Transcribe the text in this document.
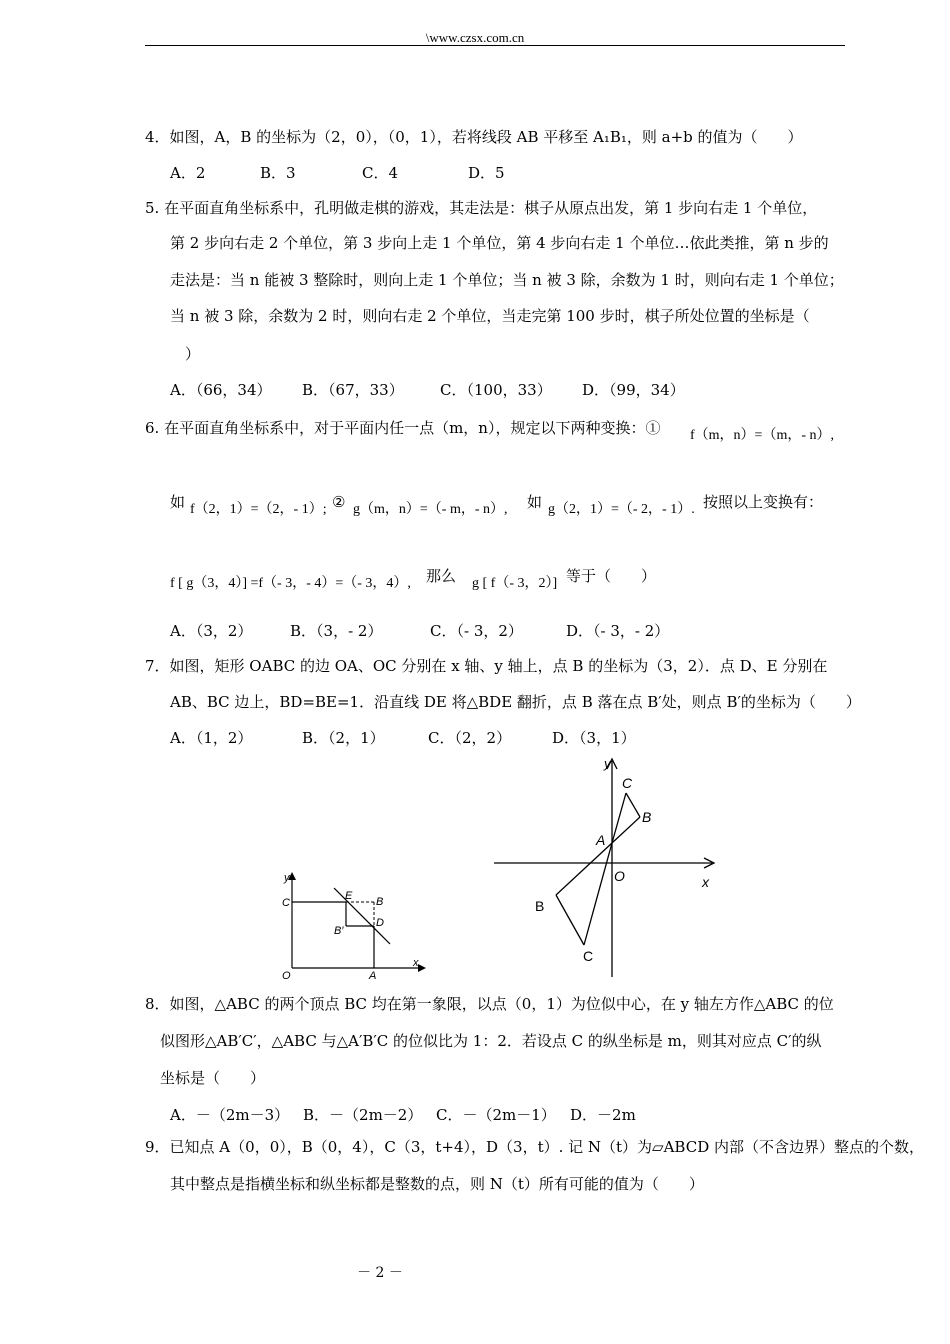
\www.czsx.com.cn
4．如图，A，B 的坐标为（2，0），（0，1），若将线段 AB 平移至 A₁B₁，则 a+b 的值为（　　）
A．2	B．3	C．4	D．5
5. 在平面直角坐标系中，孔明做走棋的游戏，其走法是：棋子从原点出发，第 1 步向右走 1 个单位，
第 2 步向右走 2 个单位，第 3 步向上走 1 个单位，第 4 步向右走 1 个单位…依此类推，第 n 步的
走法是：当 n 能被 3 整除时，则向上走 1 个单位；当 n 被 3 除，余数为 1 时，则向右走 1 个单位；
当 n 被 3 除，余数为 2 时，则向右走 2 个单位，当走完第 100 步时，棋子所处位置的坐标是（
）
A．（66，34） B．（67，33） C．（100，33） D．（99，34）
6. 在平面直角坐标系中，对于平面内任一点（m，n），规定以下两种变换：① f（m，n）=（m，- n）,
如 f（2，1）=（2，- 1）; ② g（m，n）=（- m，- n）, 如 g（2，1）=（- 2，- 1）. 按照以上变换有：
f [ g（3，4）] =f（- 3，- 4）=（- 3，4）, 那么 g [ f（- 3，2）] 等于（　　）
A．（3，2）	B．（3，- 2）	C．（- 3，2）	D．（- 3，- 2）
7．如图，矩形 OABC 的边 OA、OC 分别在 x 轴、y 轴上，点 B 的坐标为（3，2）．点 D、E 分别在
AB、BC 边上，BD=BE=1．沿直线 DE 将△BDE 翻折，点 B 落在点 B′处，则点 B′的坐标为（　　）
A．（1，2）	B．（2，1）	C．（2，2）	D．（3，1）
y
x
C
E B
D
B′
O	A
y
x
C
B
A
O
B
C
8．如图，△ABC 的两个顶点 BC 均在第一象限，以点（0，1）为位似中心，在 y 轴左方作△ABC 的位
似图形△AB′C′，△ABC 与△A′B′C 的位似比为 1：2．若设点 C 的纵坐标是 m，则其对应点 C′的纵
坐标是（　　）
A．－（2m－3） B．－（2m－2） C．－（2m－1） D．－2m
9．已知点 A（0，0），B（0，4），C（3，t+4），D（3，t）. 记 N（t）为▱ABCD 内部（不含边界）整点的个数，
其中整点是指横坐标和纵坐标都是整数的点，则 N（t）所有可能的值为（　　）
－ 2 －
